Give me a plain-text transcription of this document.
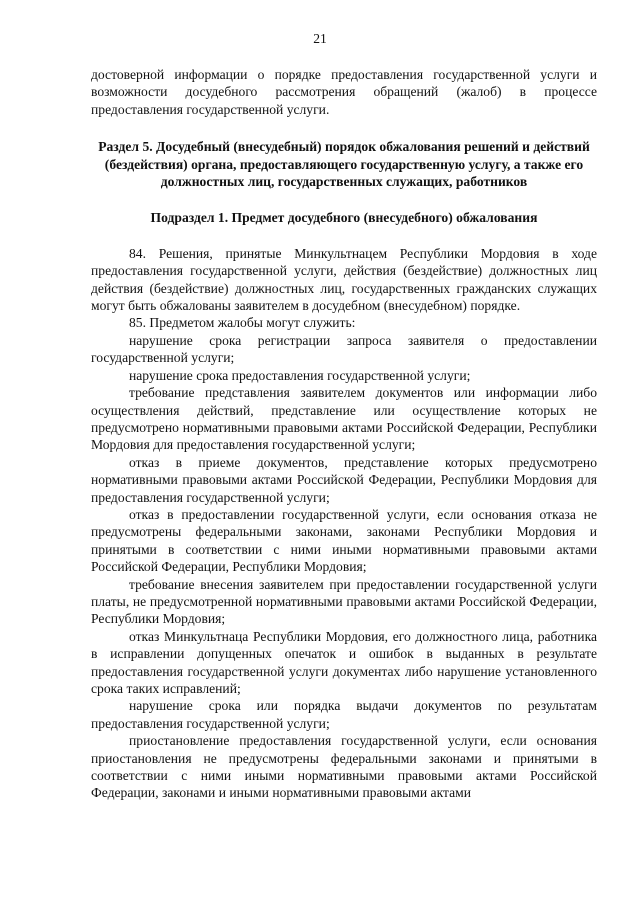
21

достоверной информации о порядке предоставления государственной услуги и возможности досудебного рассмотрения обращений (жалоб) в процессе предоставления государственной услуги.

Раздел 5. Досудебный (внесудебный) порядок обжалования решений и действий (бездействия) органа, предоставляющего государственную услугу, а также его должностных лиц, государственных служащих, работников

Подраздел 1. Предмет досудебного (внесудебного) обжалования

84. Решения, принятые Минкультнацем Республики Мордовия в ходе предоставления государственной услуги, действия (бездействие) должностных лиц действия (бездействие) должностных лиц, государственных гражданских служащих могут быть обжалованы заявителем в досудебном (внесудебном) порядке.

85. Предметом жалобы могут служить:

нарушение срока регистрации запроса заявителя о предоставлении государственной услуги;

нарушение срока предоставления государственной услуги;

требование представления заявителем документов или информации либо осуществления действий, представление или осуществление которых не предусмотрено нормативными правовыми актами Российской Федерации, Республики Мордовия для предоставления государственной услуги;

отказ в приеме документов, представление которых предусмотрено нормативными правовыми актами Российской Федерации, Республики Мордовия для предоставления государственной услуги;

отказ в предоставлении государственной услуги, если основания отказа не предусмотрены федеральными законами, законами Республики Мордовия и принятыми в соответствии с ними иными нормативными правовыми актами Российской Федерации, Республики Мордовия;

требование внесения заявителем при предоставлении государственной услуги платы, не предусмотренной нормативными правовыми актами Российской Федерации, Республики Мордовия;

отказ Минкультнаца Республики Мордовия, его должностного лица, работника в исправлении допущенных опечаток и ошибок в выданных в результате предоставления государственной услуги документах либо нарушение установленного срока таких исправлений;

нарушение срока или порядка выдачи документов по результатам предоставления государственной услуги;

приостановление предоставления государственной услуги, если основания приостановления не предусмотрены федеральными законами и принятыми в соответствии с ними иными нормативными правовыми актами Российской Федерации, законами и иными нормативными правовыми актами
